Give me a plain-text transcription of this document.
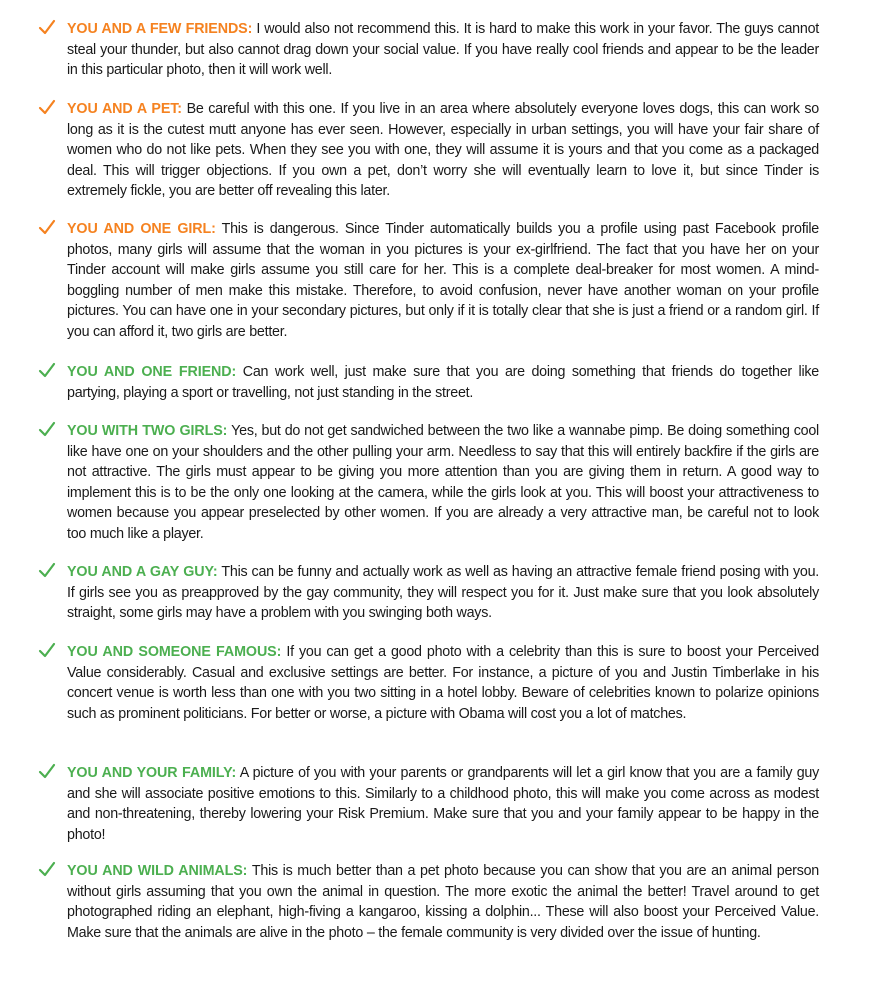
YOU AND A FEW FRIENDS: I would also not recommend this. It is hard to make this work in your favor. The guys cannot steal your thunder, but also cannot drag down your social value. If you have really cool friends and appear to be the leader in this particular photo, then it will work well.

YOU AND A PET: Be careful with this one. If you live in an area where absolutely everyone loves dogs, this can work so long as it is the cutest mutt anyone has ever seen. However, especially in urban settings, you will have your fair share of women who do not like pets. When they see you with one, they will assume it is yours and that you come as a packaged deal. This will trigger objections. If you own a pet, don’t worry she will eventually learn to love it, but since Tinder is extremely fickle, you are better off revealing this later.

YOU AND ONE GIRL: This is dangerous. Since Tinder automatically builds you a profile using past Facebook profile photos, many girls will assume that the woman in you pictures is your ex-girlfriend. The fact that you have her on your Tinder account will make girls assume you still care for her. This is a complete deal-breaker for most women. A mind-boggling number of men make this mistake. Therefore, to avoid confusion, never have another woman on your profile pictures. You can have one in your secondary pictures, but only if it is totally clear that she is just a friend or a random girl. If you can afford it, two girls are better.

YOU AND ONE FRIEND: Can work well, just make sure that you are doing something that friends do together like partying, playing a sport or travelling, not just standing in the street.

YOU WITH TWO GIRLS: Yes, but do not get sandwiched between the two like a wannabe pimp. Be doing something cool like have one on your shoulders and the other pulling your arm. Needless to say that this will entirely backfire if the girls are not attractive. The girls must appear to be giving you more attention than you are giving them in return. A good way to implement this is to be the only one looking at the camera, while the girls look at you. This will boost your attractiveness to women because you appear preselected by other women. If you are already a very attractive man, be careful not to look too much like a player.

YOU AND A GAY GUY: This can be funny and actually work as well as having an attractive female friend posing with you. If girls see you as preapproved by the gay community, they will respect you for it. Just make sure that you look absolutely straight, some girls may have a problem with you swinging both ways.

YOU AND SOMEONE FAMOUS: If you can get a good photo with a celebrity than this is sure to boost your Perceived Value considerably. Casual and exclusive settings are better. For instance, a picture of you and Justin Timberlake in his concert venue is worth less than one with you two sitting in a hotel lobby. Beware of celebrities known to polarize opinions such as prominent politicians. For better or worse, a picture with Obama will cost you a lot of matches.

YOU AND YOUR FAMILY: A picture of you with your parents or grandparents will let a girl know that you are a family guy and she will associate positive emotions to this. Similarly to a childhood photo, this will make you come across as modest and non-threatening, thereby lowering your Risk Premium. Make sure that you and your family appear to be happy in the photo!

YOU AND WILD ANIMALS: This is much better than a pet photo because you can show that you are an animal person without girls assuming that you own the animal in question. The more exotic the animal the better! Travel around to get photographed riding an elephant, high-fiving a kangaroo, kissing a dolphin... These will also boost your Perceived Value. Make sure that the animals are alive in the photo – the female community is very divided over the issue of hunting.
